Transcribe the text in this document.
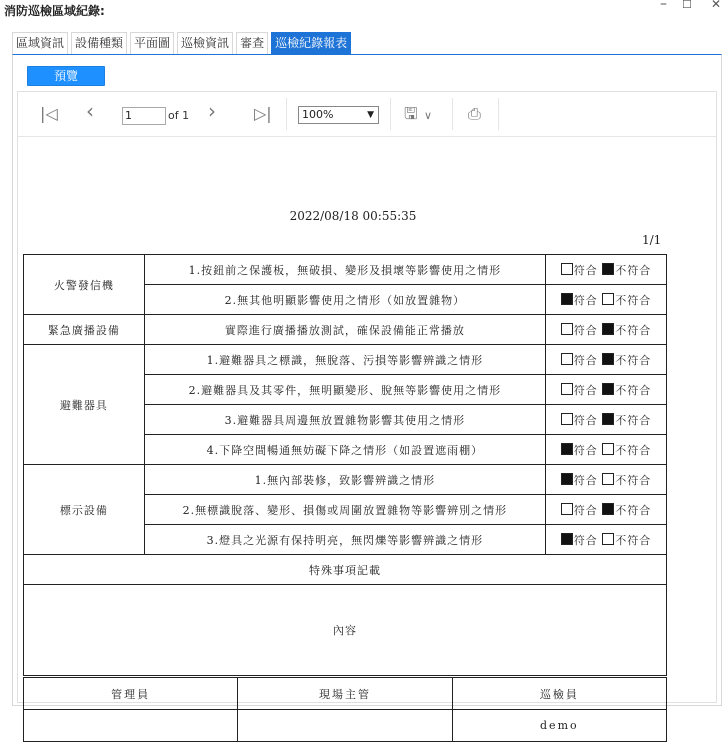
消防巡檢區域紀錄:	– ☐ ✕
區域資訊 設備種類 平面圖 巡檢資訊 審查 巡檢紀錄報表
預覽
|◁ ‹	1	of 1 › ▷|	100%	▼ 🖫 ∨ ⎙
2022/08/18 00:55:35
1/1
火警發信機	1.按鈕前之保護板，無破損、變形及損壞等影響使用之情形	符合 不符合
	2.無其他明顯影響使用之情形（如放置雜物）	符合 不符合
緊急廣播設備	實際進行廣播播放測試，確保設備能正常播放	符合 不符合
避難器具	1.避難器具之標識，無脫落、污損等影響辨識之情形	符合 不符合
	2.避難器具及其零件，無明顯變形、脫無等影響使用之情形	符合 不符合
	3.避難器具周邊無放置雜物影響其使用之情形	符合 不符合
	4.下降空間暢通無妨礙下降之情形（如設置遮雨棚）	符合 不符合
標示設備	1.無內部裝修，致影響辨識之情形	符合 不符合
	2.無標識脫落、變形、損傷或周圍放置雜物等影響辨別之情形	符合 不符合
	3.燈具之光源有保持明亮，無閃爍等影響辨識之情形	符合 不符合
特殊事項記載		
內容		
管理員	現場主管	巡檢員
		demo
